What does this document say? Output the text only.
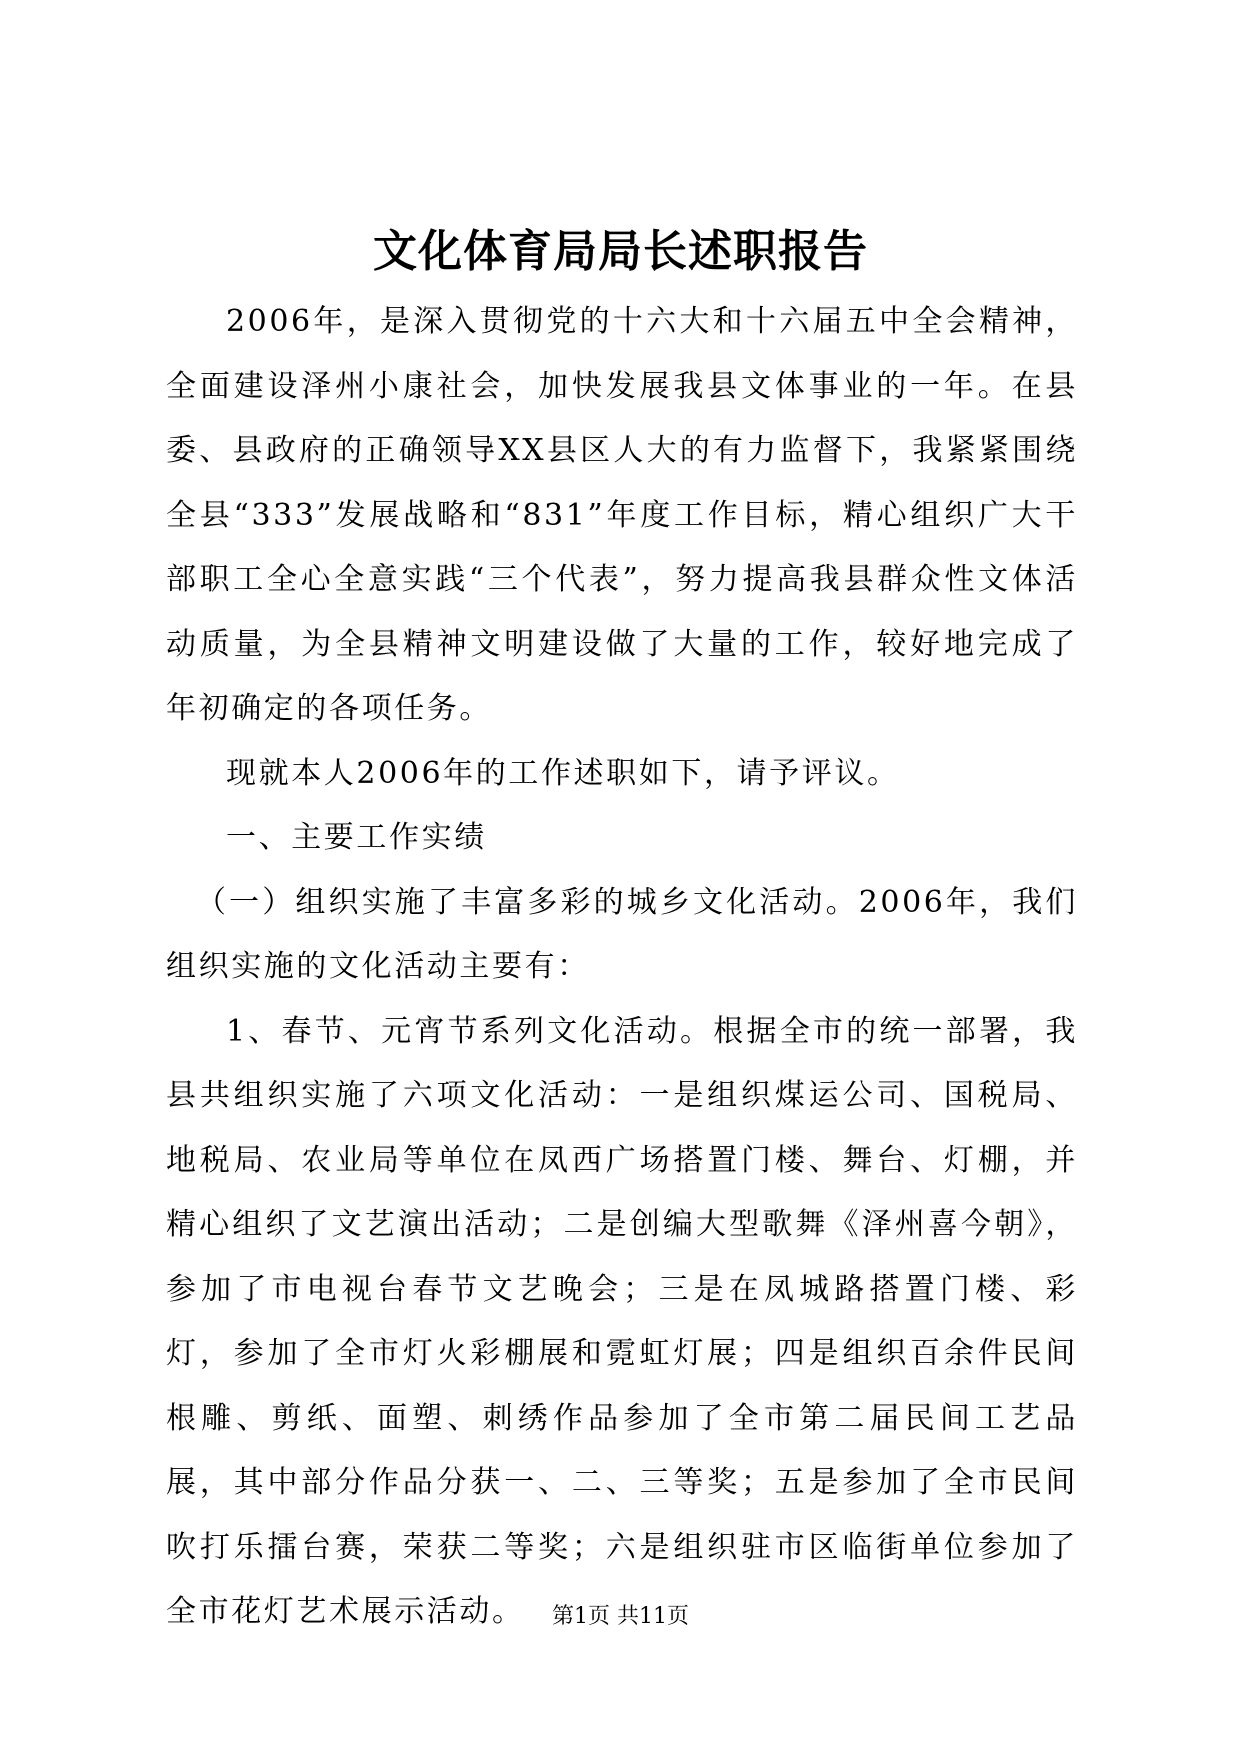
文化体育局局长述职报告

2006年，是深入贯彻党的十六大和十六届五中全会精神，全面建设泽州小康社会，加快发展我县文体事业的一年。在县委、县政府的正确领导XX县区人大的有力监督下，我紧紧围绕全县“333”发展战略和“831”年度工作目标，精心组织广大干部职工全心全意实践“三个代表”，努力提高我县群众性文体活动质量，为全县精神文明建设做了大量的工作，较好地完成了年初确定的各项任务。

现就本人2006年的工作述职如下，请予评议。

一、主要工作实绩

（一）组织实施了丰富多彩的城乡文化活动。2006年，我们组织实施的文化活动主要有：

1、春节、元宵节系列文化活动。根据全市的统一部署，我县共组织实施了六项文化活动：一是组织煤运公司、国税局、地税局、农业局等单位在凤西广场搭置门楼、舞台、灯棚，并精心组织了文艺演出活动；二是创编大型歌舞《泽州喜今朝》，参加了市电视台春节文艺晚会；三是在凤城路搭置门楼、彩灯，参加了全市灯火彩棚展和霓虹灯展；四是组织百余件民间根雕、剪纸、面塑、刺绣作品参加了全市第二届民间工艺品展，其中部分作品分获一、二、三等奖；五是参加了全市民间吹打乐擂台赛，荣获二等奖；六是组织驻市区临街单位参加了全市花灯艺术展示活动。	第1页 共11页
